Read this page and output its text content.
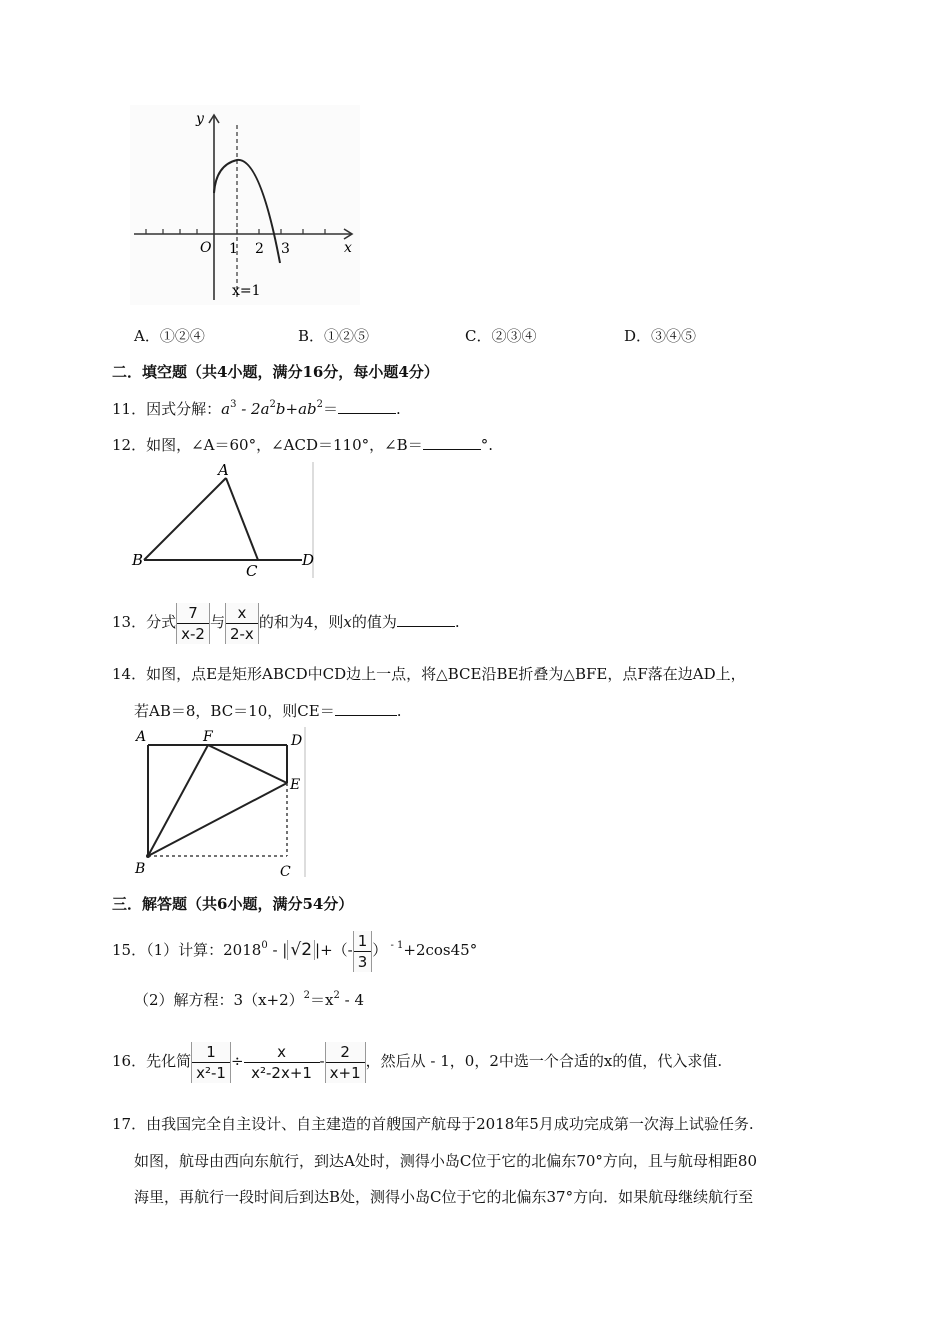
y
x
O 1 2 3
x=1
A．①②④	B．①②⑤	C．②③④	D．③④⑤
二．填空题（共4小题，满分16分，每小题4分）
11．因式分解：$a^3 - 2a^2b+ab^2=$	.
12．如图，∠A＝60°，∠ACD＝110°，∠B＝	°.
A
B
C
D
13．分式 $\frac{7}{x-2}$ 与 $\frac{x}{2-x}$ 的和为4，则x的值为	.
14．如图，点E是矩形ABCD中CD边上一点，将△BCE沿BE折叠为△BFE，点F落在边AD上，
若AB＝8，BC＝10，则CE＝	.
A	F	D
E
B	C
三．解答题（共6小题，满分54分）
15．（1）计算：2018$^0$ - | √2 |+（- $\frac{1}{3}$ ） $^{- 1}$+2cos45°
（2）解方程：$3(x+2)^2=x^2 - 4$
16．先化简 $\frac{1}{\text{x²-1}} \div \frac{x}{\text{x²-2x+1}} - \frac{2}{x+1}$ ，然后从 - 1，0，2中选一个合适的x的值，代入求值.
17．由我国完全自主设计、自主建造的首艘国产航母于2018年5月成功完成第一次海上试验任务.
如图，航母由西向东航行，到达A处时，测得小岛C位于它的北偏东70°方向，且与航母相距80
海里，再航行一段时间后到达B处，测得小岛C位于它的北偏东37°方向．如果航母继续航行至
